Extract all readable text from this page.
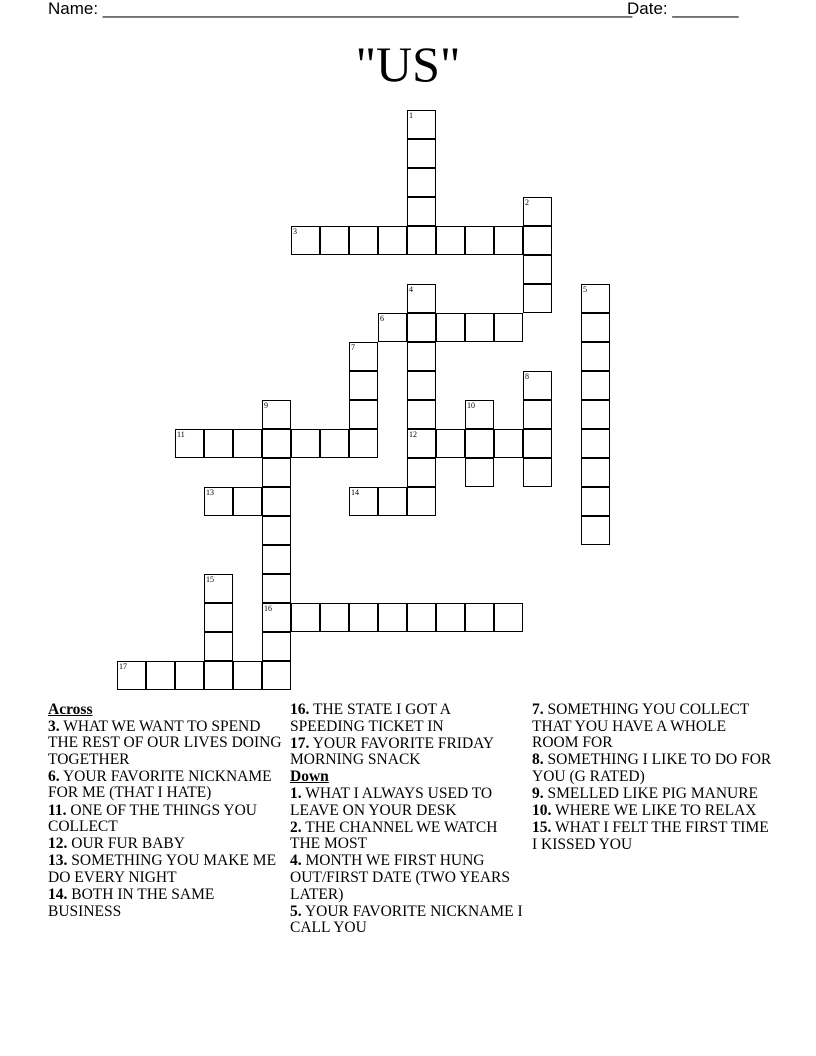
Name: ________________________________________________________
Date: _______
"US"
1
2
3
4	5
6
7
8
9	10
11	12
13	14
15
16
17

Across

3. WHAT WE WANT TO SPEND THE REST OF OUR LIVES DOING TOGETHER

6. YOUR FAVORITE NICKNAME FOR ME (THAT I HATE)

11. ONE OF THE THINGS YOU COLLECT

12. OUR FUR BABY

13. SOMETHING YOU MAKE ME DO EVERY NIGHT

14. BOTH IN THE SAME BUSINESS

16. THE STATE I GOT A SPEEDING TICKET IN

17. YOUR FAVORITE FRIDAY MORNING SNACK

Down

1. WHAT I ALWAYS USED TO LEAVE ON YOUR DESK

2. THE CHANNEL WE WATCH THE MOST

4. MONTH WE FIRST HUNG OUT/FIRST DATE (TWO YEARS LATER)

5. YOUR FAVORITE NICKNAME I CALL YOU

7. SOMETHING YOU COLLECT THAT YOU HAVE A WHOLE ROOM FOR

8. SOMETHING I LIKE TO DO FOR YOU (G RATED)

9. SMELLED LIKE PIG MANURE

10. WHERE WE LIKE TO RELAX

15. WHAT I FELT THE FIRST TIME I KISSED YOU
